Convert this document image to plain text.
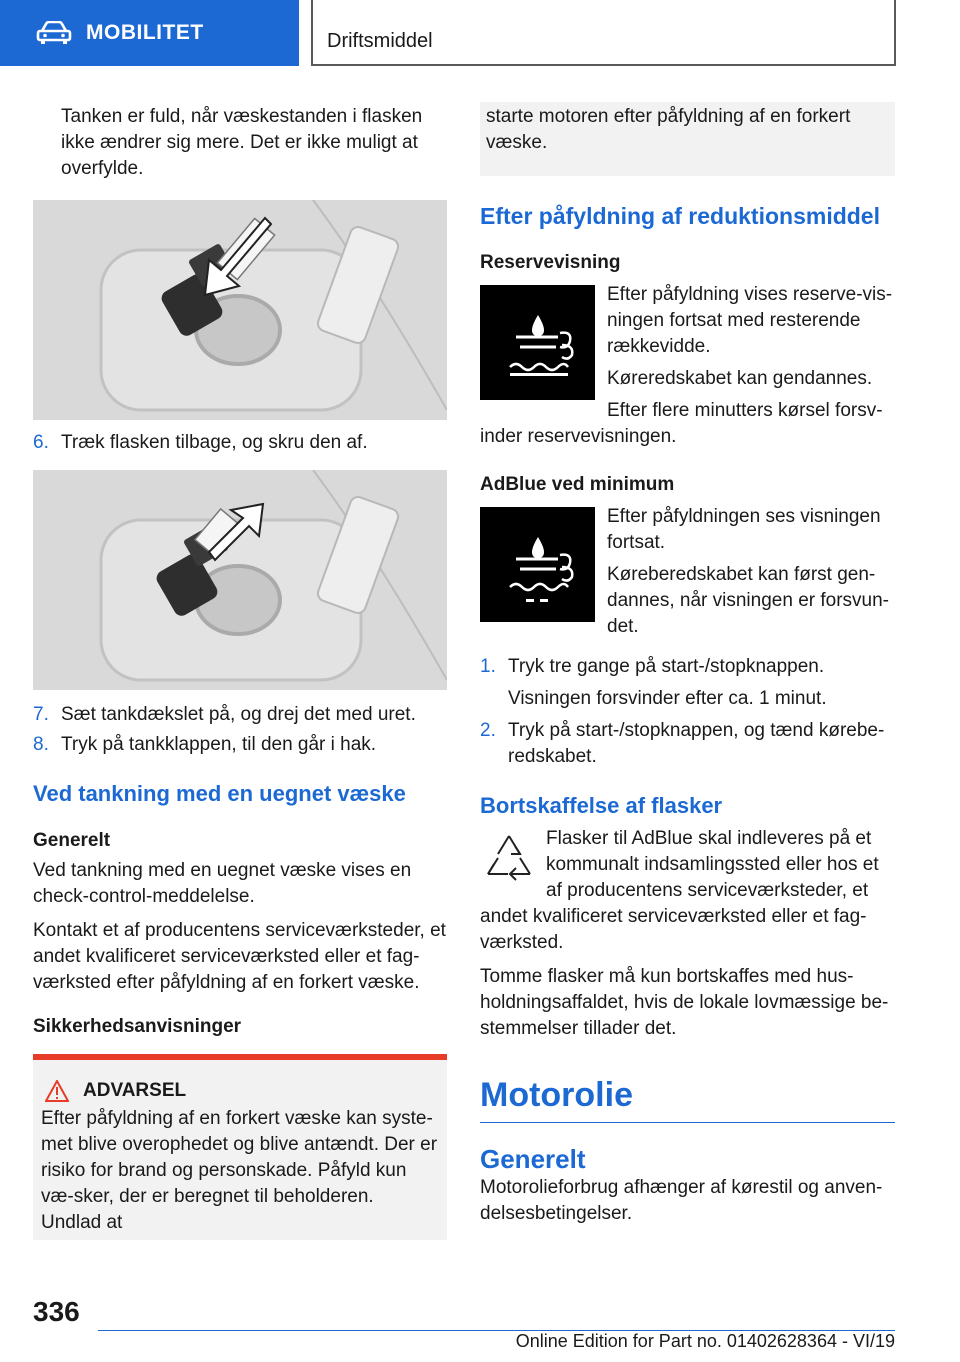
MOBILITET	Driftsmiddel

Tanken er fuld, når væskestanden i flasken ikke ændrer sig mere. Det er ikke muligt at overfylde.

6. Træk flasken tilbage, og skru den af.
7. Sæt tankdækslet på, og drej det med uret.
8. Tryk på tankklappen, til den går i hak.
Ved tankning med en uegnet væske
Generelt

Ved tankning med en uegnet væske vises en check-control-meddelelse.

Kontakt et af producentens serviceværksteder, et andet kvalificeret serviceværksted eller et fag-værksted efter påfyldning af en forkert væske.

Sikkerhedsanvisninger
ADVARSEL

Efter påfyldning af en forkert væske kan syste-met blive overophedet og blive antændt. Der er risiko for brand og personskade. Påfyld kun væ-sker, der er beregnet til beholderen. Undlad at

starte motoren efter påfyldning af en forkert væske.

Efter påfyldning af reduktionsmiddel
Reservevisning

Efter påfyldning vises reserve-vis-ningen fortsat med resterende rækkevidde.

Køreredskabet kan gendannes.

Efter flere minutters kørsel forsv-inder reservevisningen.

AdBlue ved minimum

Efter påfyldningen ses visningen fortsat.

Køreberedskabet kan først gen-dannes, når visningen er forsvun-det.

1. Tryk tre gange på start-/stopknappen.

Visningen forsvinder efter ca. 1 minut.

2. Tryk på start-/stopknappen, og tænd kørebe-redskabet.
Bortskaffelse af flasker

Flasker til AdBlue skal indleveres på et kommunalt indsamlingssted eller hos et af producentens serviceværksteder, et andet kvalificeret serviceværksted eller et fag-værksted.

Tomme flasker må kun bortskaffes med hus-holdningsaffaldet, hvis de lokale lovmæssige be-stemmelser tillader det.

Motorolie
Generelt

Motorolieforbrug afhænger af kørestil og anven-delsesbetingelser.

336
Online Edition for Part no. 01402628364 - VI/19
